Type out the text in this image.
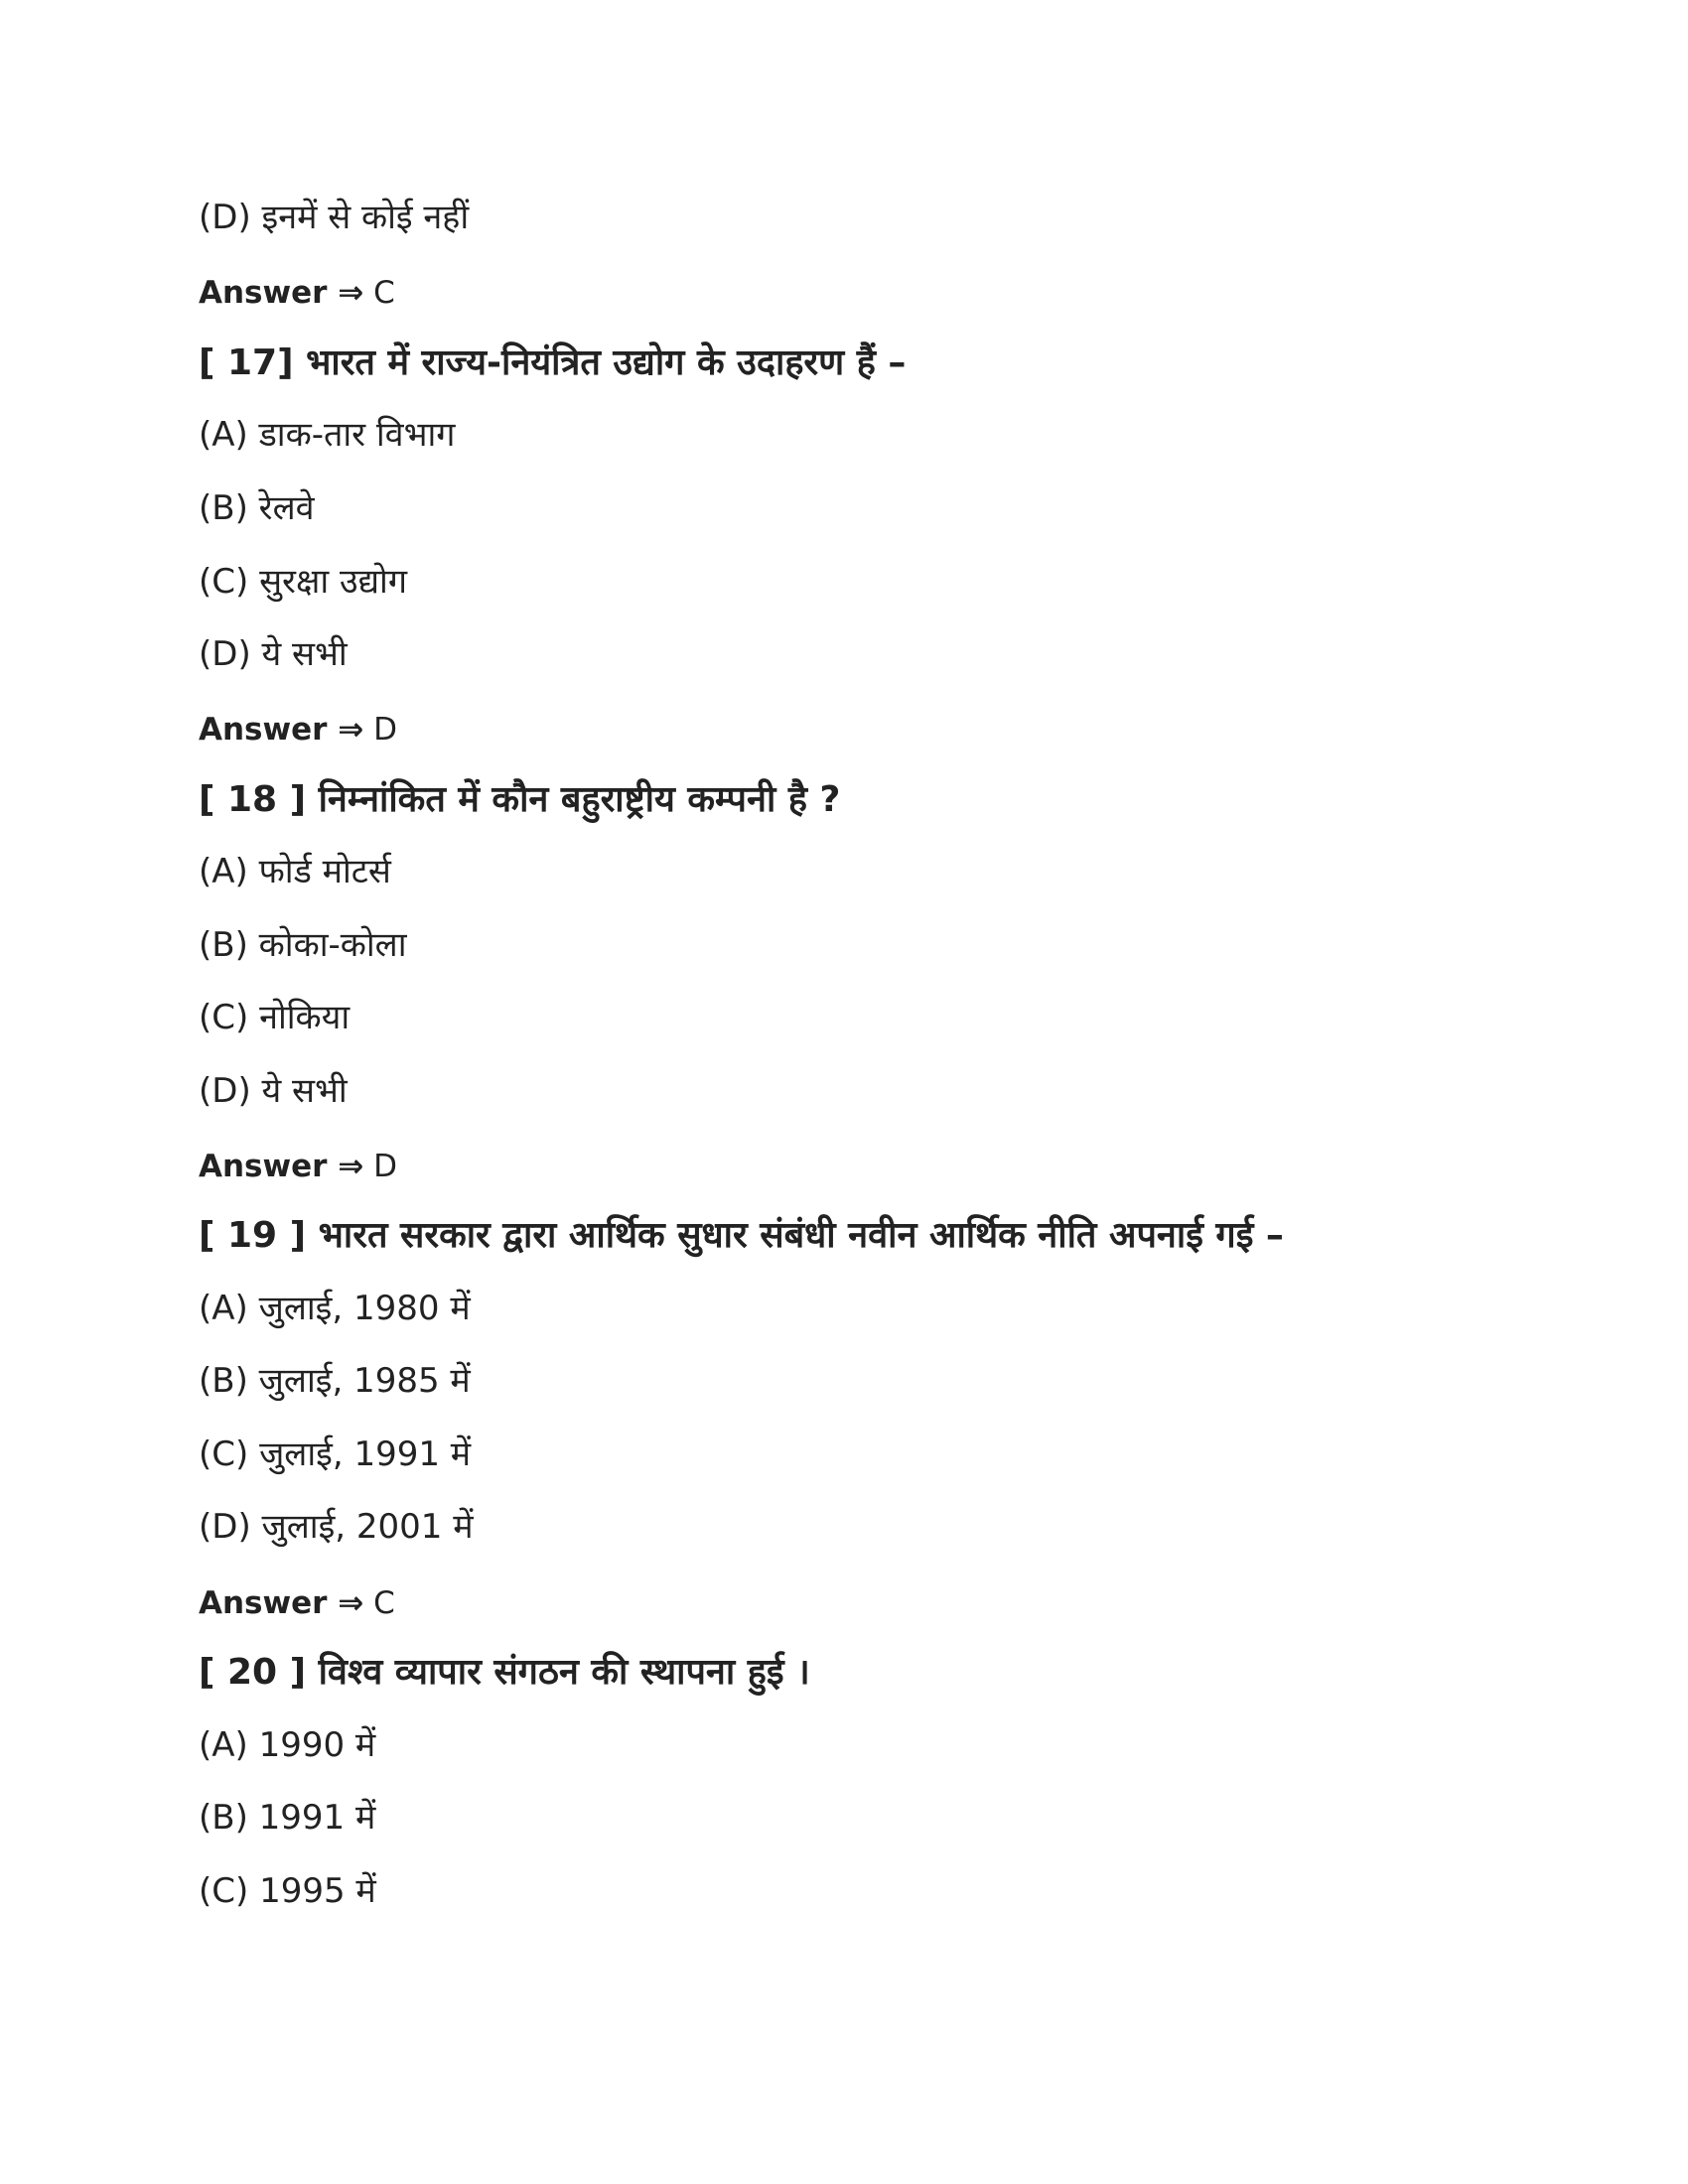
(D) इनमें से कोई नहीं
Answer ⇒ C
[ 17] भारत में राज्य-नियंत्रित उद्योग के उदाहरण हैं –
(A) डाक-तार विभाग
(B) रेलवे
(C) सुरक्षा उद्योग
(D) ये सभी
Answer ⇒ D
[ 18 ] निम्नांकित में कौन बहुराष्ट्रीय कम्पनी है ?
(A) फोर्ड मोटर्स
(B) कोका-कोला
(C) नोकिया
(D) ये सभी
Answer ⇒ D
[ 19 ] भारत सरकार द्वारा आर्थिक सुधार संबंधी नवीन आर्थिक नीति अपनाई गई –
(A) जुलाई, 1980 में
(B) जुलाई, 1985 में
(C) जुलाई, 1991 में
(D) जुलाई, 2001 में
Answer ⇒ C
[ 20 ] विश्व व्यापार संगठन की स्थापना हुई ।
(A) 1990 में
(B) 1991 में
(C) 1995 में
